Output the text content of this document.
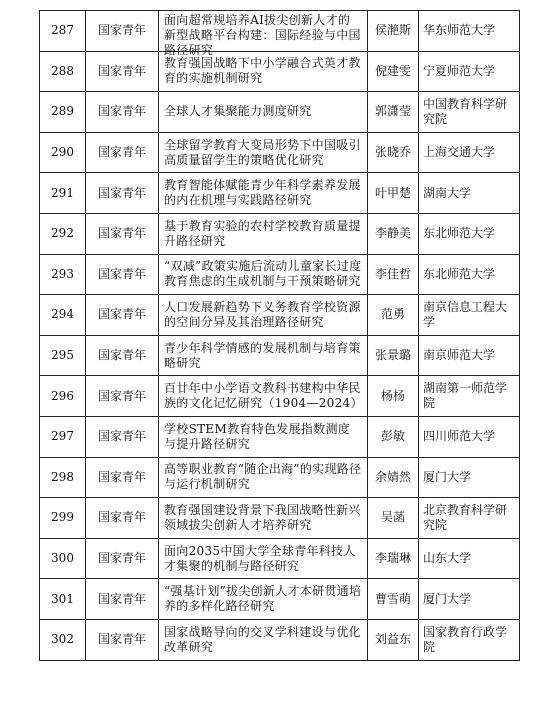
287	国家青年	面向超常规培养AI拔尖创新人才的新型战略平台构建：国际经验与中国路径研究	侯滟斯	华东师范大学
288	国家青年	教育强国战略下中小学融合式英才教育的实施机制研究	倪建雯	宁夏师范大学
289	国家青年	全球人才集聚能力测度研究	郭潇莹	中国教育科学研究院
290	国家青年	全球留学教育大变局形势下中国吸引高质量留学生的策略优化研究	张晓乔	上海交通大学
291	国家青年	教育智能体赋能青少年科学素养发展的内在机理与实践路径研究	叶甲楚	湖南大学
292	国家青年	基于教育实验的农村学校教育质量提升路径研究	李静美	东北师范大学
293	国家青年	“双减”政策实施后流动儿童家长过度教育焦虑的生成机制与干预策略研究	李佳哲	东北师范大学
294	国家青年	人口发展新趋势下义务教育学校资源的空间分异及其治理路径研究	范勇	南京信息工程大学
295	国家青年	青少年科学情感的发展机制与培育策略研究	张景璐	南京师范大学
296	国家青年	百廿年中小学语文教科书建构中华民族的文化记忆研究（1904—2024）	杨杨	湖南第一师范学院
297	国家青年	学校STEM教育特色发展指数测度与提升路径研究	彭敏	四川师范大学
298	国家青年	高等职业教育“随企出海”的实现路径与运行机制研究	余婧然	厦门大学
299	国家青年	教育强国建设背景下我国战略性新兴领域拔尖创新人才培养研究	吴菡	北京教育科学研究院
300	国家青年	面向2035中国大学全球青年科技人才集聚的机制与路径研究	李瑞琳	山东大学
301	国家青年	“强基计划”拔尖创新人才本研贯通培养的多样化路径研究	曹雪萌	厦门大学
302	国家青年	国家战略导向的交叉学科建设与优化改革研究	刘益东	国家教育行政学院
